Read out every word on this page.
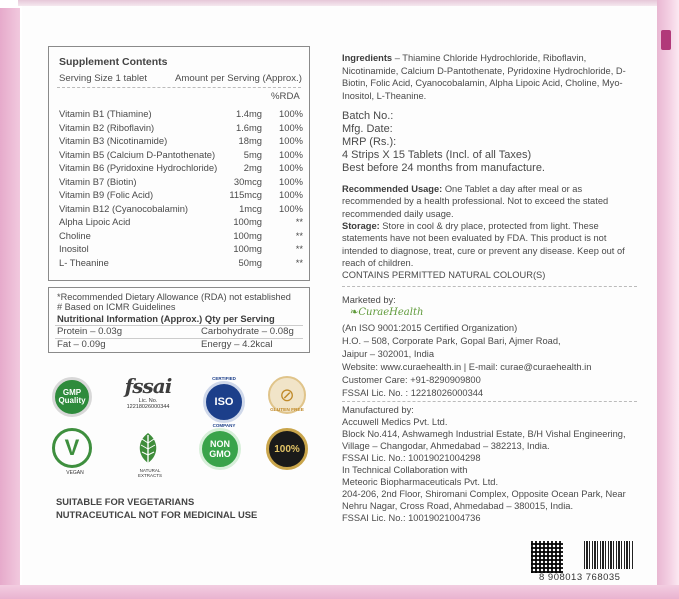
Supplement Contents
Serving Size 1 tablet	Amount per Serving (Approx.)
%RDA
Vitamin B1 (Thiamine)	1.4mg	100%
Vitamin B2 (Riboflavin)	1.6mg	100%
Vitamin B3 (Nicotinamide)	18mg	100%
Vitamin B5 (Calcium D-Pantothenate)	5mg	100%
Vitamin B6 (Pyridoxine Hydrochloride)	2mg	100%
Vitamin B7 (Biotin)	30mcg	100%
Vitamin B9 (Folic Acid)	115mcg	100%
Vitamin B12 (Cyanocobalamin)	1mcg	100%
Alpha Lipoic Acid	100mg	**
Choline	100mg	**
Inositol	100mg	**
L- Theanine	50mg	**
*Recommended Dietary Allowance (RDA) not established
# Based on ICMR Guidelines
Nutritional Information (Approx.) Qty per Serving
Protein – 0.03g	Carbohydrate – 0.08g
Fat – 0.09g	Energy – 4.2kcal
GMP Quality
fssai
Lic. No.
12218026000344
CERTIFIED
ISO
COMPANY
⊘
GLUTEN FREE
V
VEGAN	NATURAL EXTRACTS
NON
GMO	100%
SUITABLE FOR VEGETARIANS
NUTRACEUTICAL NOT FOR MEDICINAL USE
Ingredients – Thiamine Chloride Hydrochloride, Riboflavin, Nicotinamide, Calcium D-Pantothenate, Pyridoxine Hydrochloride, D-Biotin, Folic Acid, Cyanocobalamin, Alpha Lipoic Acid, Choline, Myo-Inositol, L-Theanine.
Batch No.:
Mfg. Date:
MRP (Rs.):
4 Strips X 15 Tablets (Incl. of all Taxes)
Best before 24 months from manufacture.
Recommended Usage: One Tablet a day after meal or as recommended by a health professional. Not to exceed the stated recommended daily usage.
Storage: Store in cool & dry place, protected from light. These statements have not been evaluated by FDA. This product is not intended to diagnose, treat, cure or prevent any disease. Keep out of reach of children.
CONTAINS PERMITTED NATURAL COLOUR(S)
Marketed by:
❧CuraeHealth
(An ISO 9001:2015 Certified Organization)
H.O. – 508, Corporate Park, Gopal Bari, Ajmer Road,
Jaipur – 302001, India
Website: www.curaehealth.in | E-mail: curae@curaehealth.in
Customer Care: +91-8290909800
FSSAI Lic. No. : 12218026000344
Manufactured by:
Accuwell Medics Pvt. Ltd.
Block No.414, Ashwamegh Industrial Estate, B/H Vishal Engineering,
Village – Changodar, Ahmedabad – 382213, India.
FSSAI Lic. No.: 10019021004298
In Technical Collaboration with
Meteoric Biopharmaceuticals Pvt. Ltd.
204-206, 2nd Floor, Shiromani Complex, Opposite Ocean Park, Near
Nehru Nagar, Cross Road, Ahmedabad – 380015, India.
FSSAI Lic. No.: 10019021004736
8 908013 768035
